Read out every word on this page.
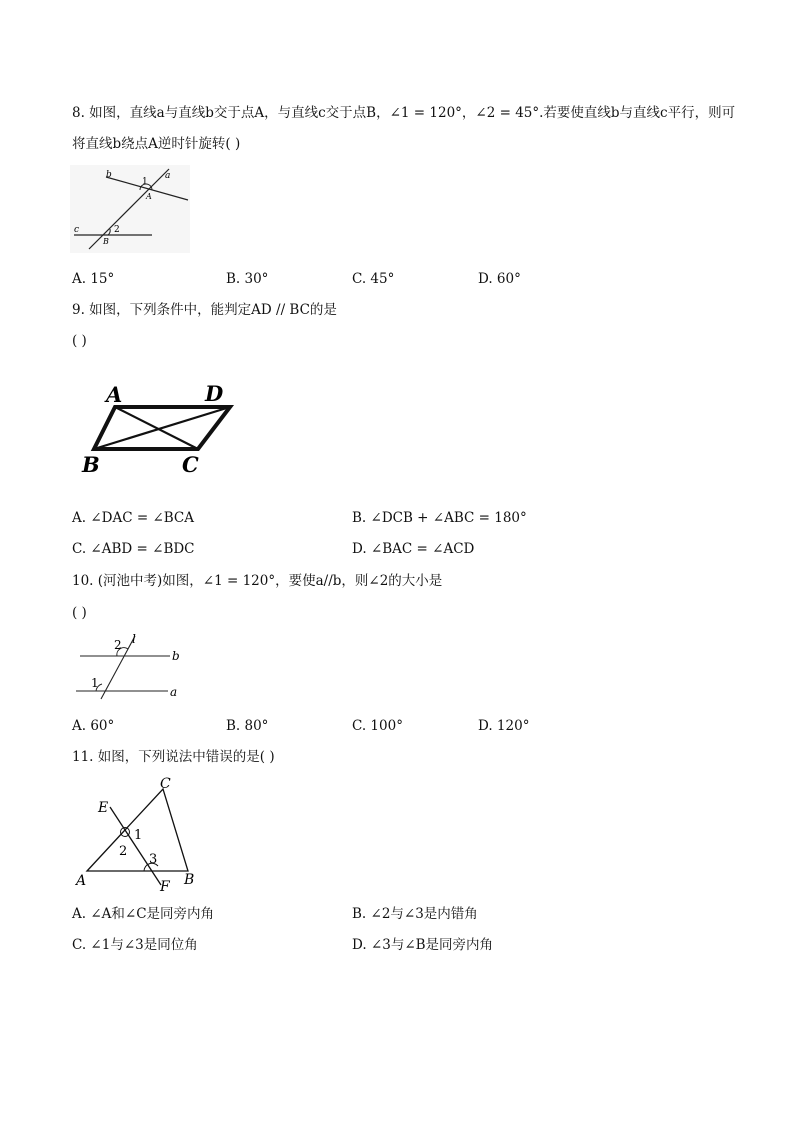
8. 如图，直线a与直线b交于点A，与直线c交于点B，∠1 = 120°，∠2 = 45°.若要使直线b与直线c平行，则可
将直线b绕点A逆时针旋转( )
b	a
1
A
c	2
B
A. 15°	B. 30°	C. 45°	D. 60°
9. 如图，下列条件中，能判定AD // BC的是
( )
A	D
B	C
A. ∠DAC = ∠BCA	B. ∠DCB + ∠ABC = 180°
C. ∠ABD = ∠BDC	D. ∠BAC = ∠ACD
10. (河池中考)如图，∠1 = 120°，要使a//b，则∠2的大小是
( )
2 l
b
1
a
A. 60°	B. 80°	C. 100°	D. 120°
11. 如图，下列说法中错误的是( )
C
E
1
2
3
A	F B
A. ∠A和∠C是同旁内角	B. ∠2与∠3是内错角
C. ∠1与∠3是同位角	D. ∠3与∠B是同旁内角
